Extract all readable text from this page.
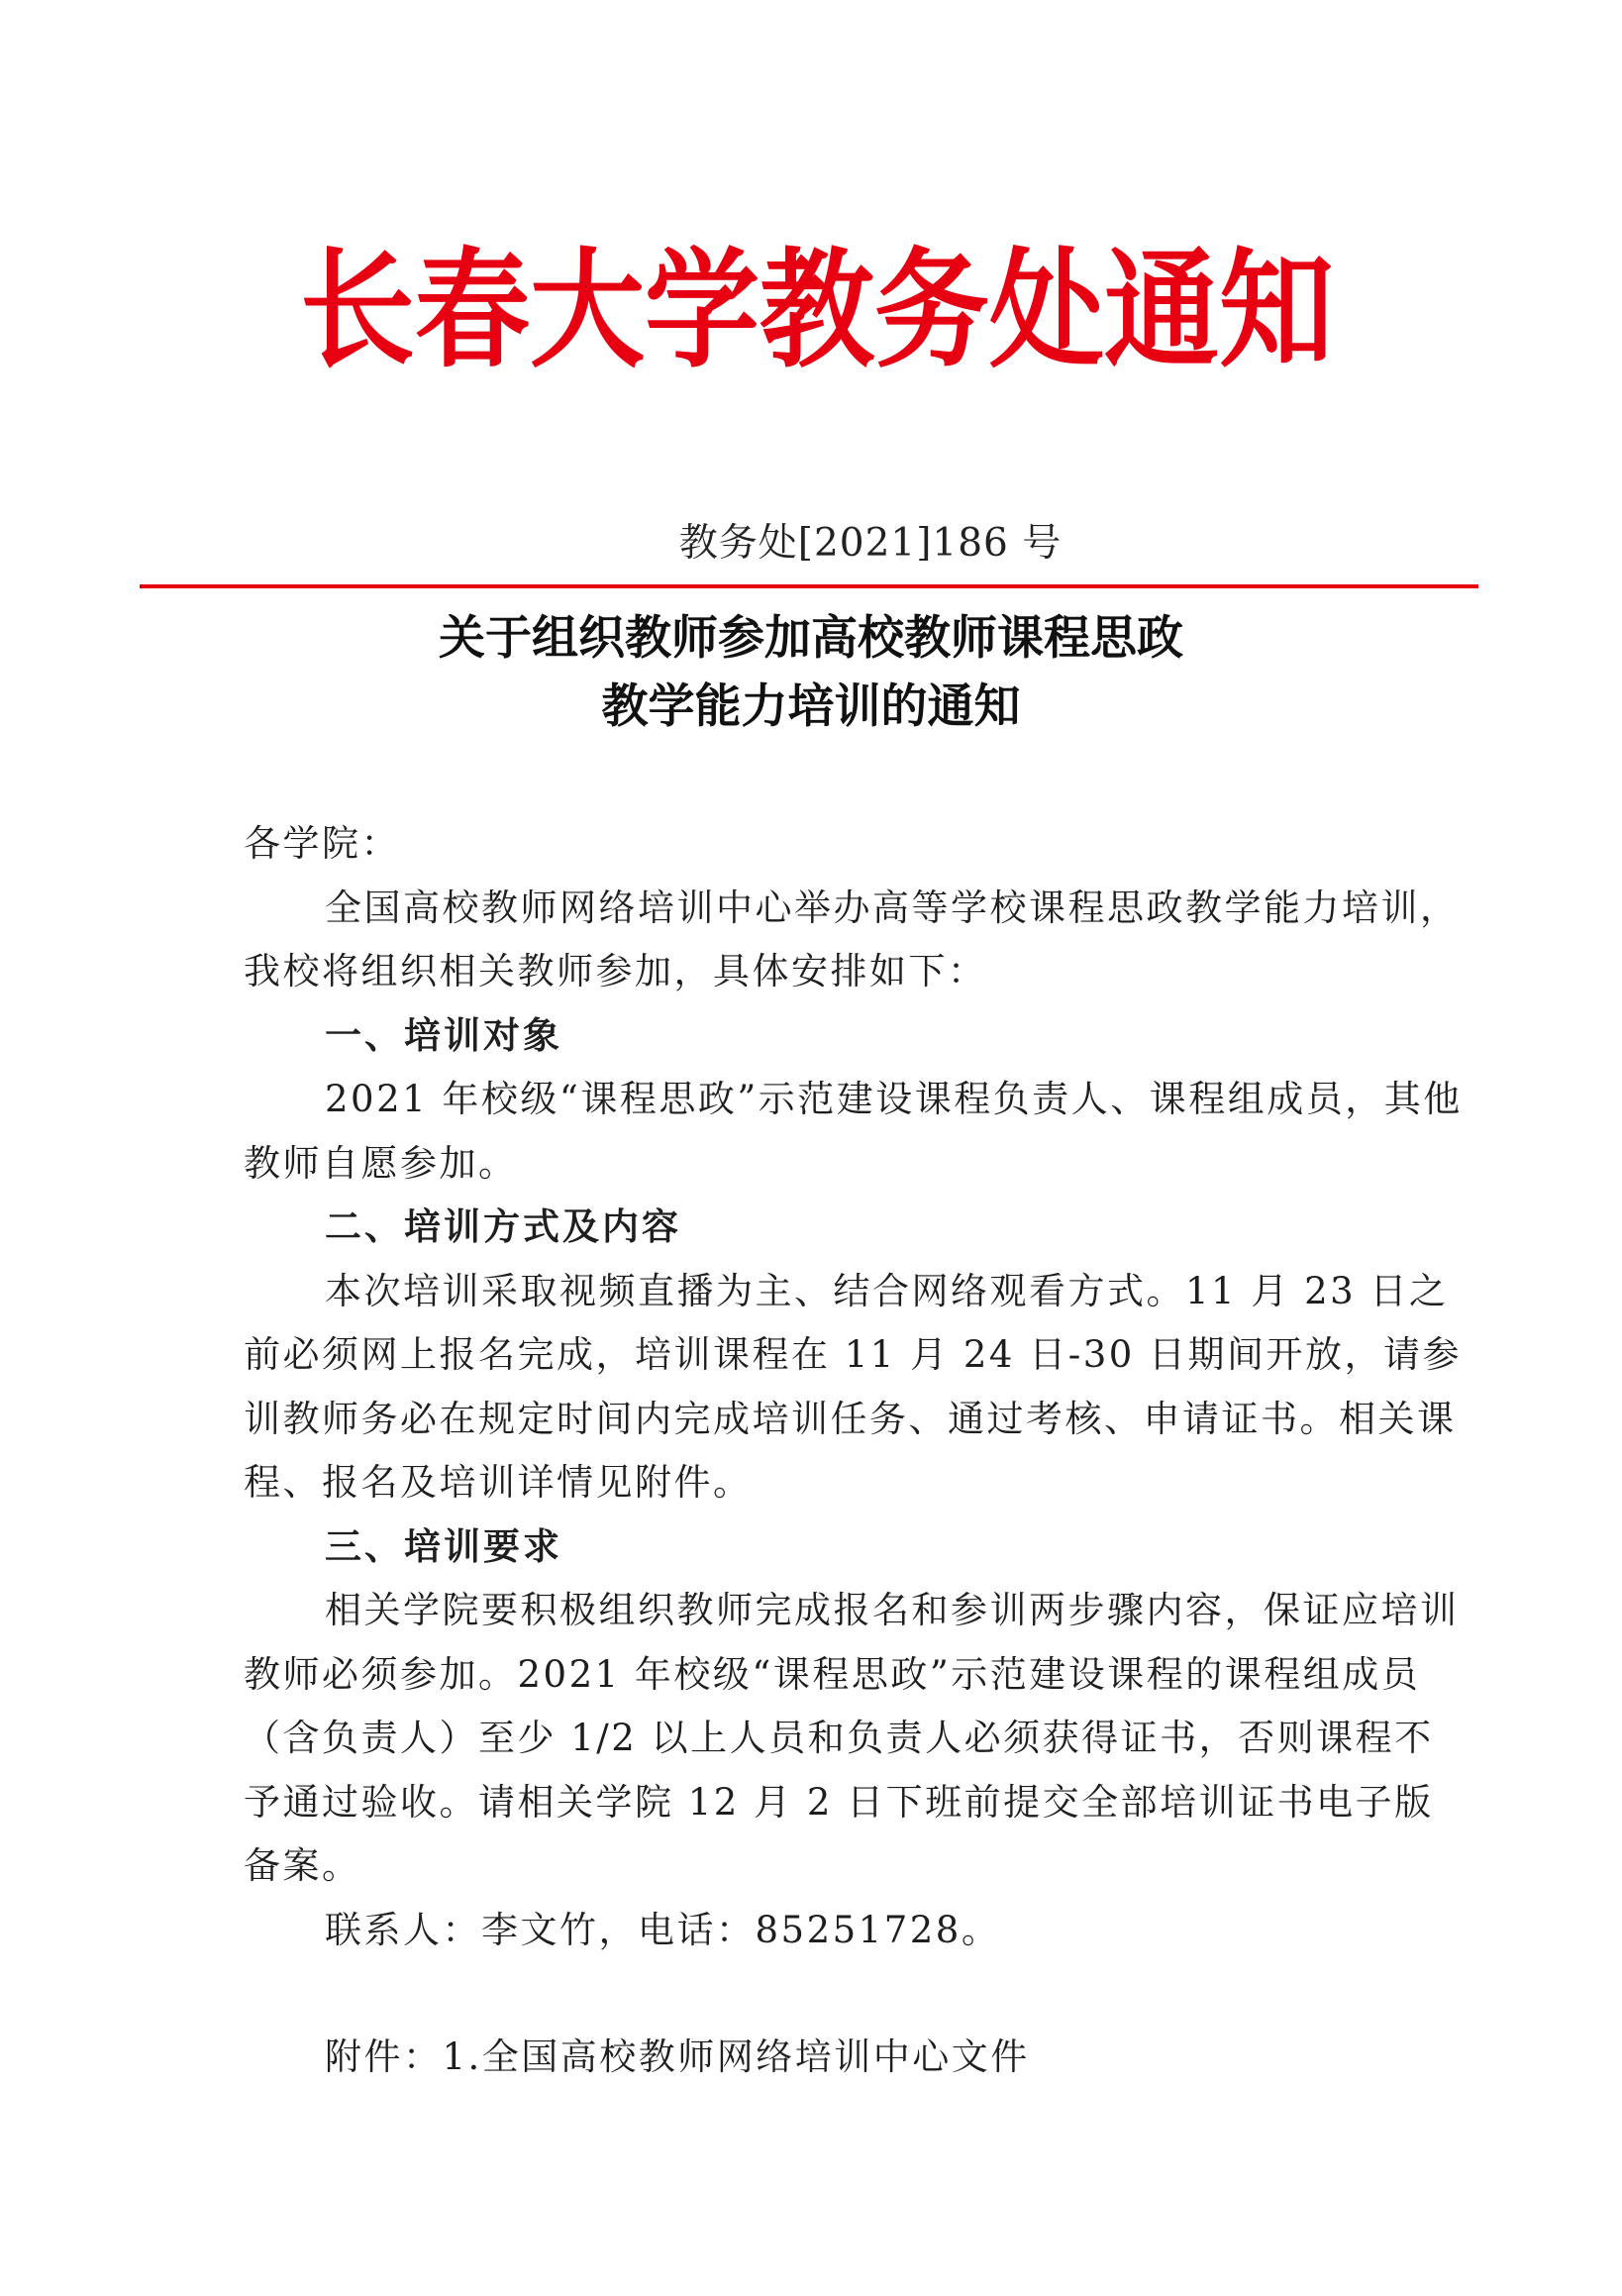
长春大学教务处通知
教务处[2021]186 号
关于组织教师参加高校教师课程思政
教学能力培训的通知

各学院：

全国高校教师网络培训中心举办高等学校课程思政教学能力培训，我校将组织相关教师参加，具体安排如下：

一、培训对象

2021 年校级“课程思政”示范建设课程负责人、课程组成员，其他教师自愿参加。

二、培训方式及内容

本次培训采取视频直播为主、结合网络观看方式。11 月 23 日之前必须网上报名完成，培训课程在 11 月 24 日-30 日期间开放，请参训教师务必在规定时间内完成培训任务、通过考核、申请证书。相关课程、报名及培训详情见附件。

三、培训要求

相关学院要积极组织教师完成报名和参训两步骤内容，保证应培训教师必须参加。2021 年校级“课程思政”示范建设课程的课程组成员（含负责人）至少 1/2 以上人员和负责人必须获得证书，否则课程不予通过验收。请相关学院 12 月 2 日下班前提交全部培训证书电子版备案。

联系人：李文竹，电话：85251728。

附件：1.全国高校教师网络培训中心文件
